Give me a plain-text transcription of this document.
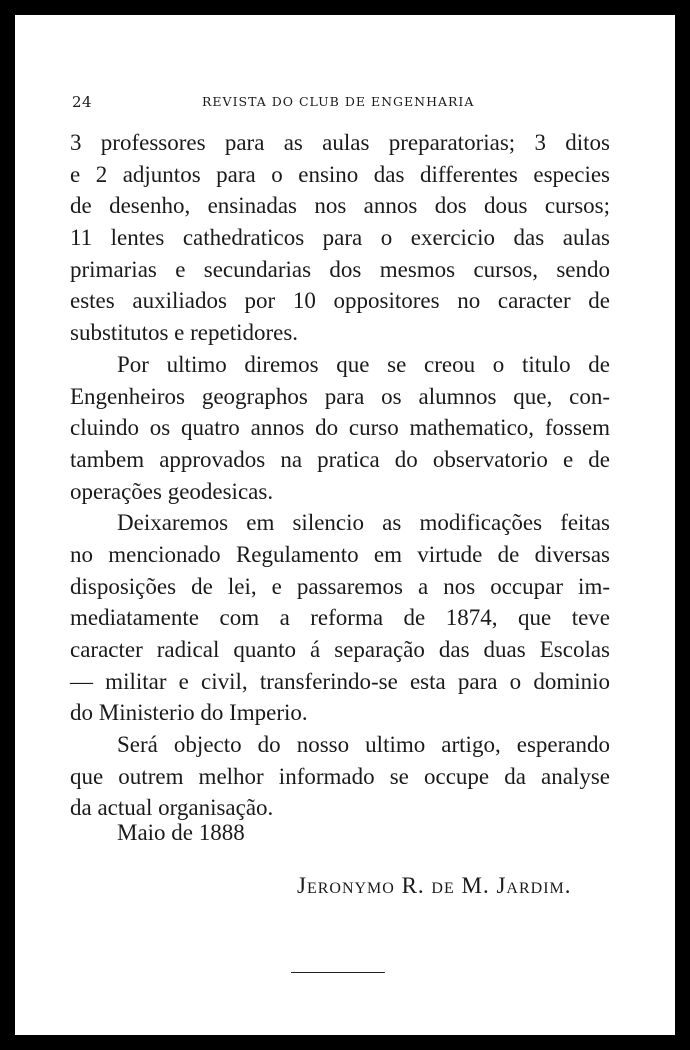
24	REVISTA DO CLUB DE ENGENHARIA
3 professores para as aulas preparatorias; 3 ditos
e 2 adjuntos para o ensino das differentes especies
de desenho, ensinadas nos annos dos dous cursos;
11 lentes cathedraticos para o exercicio das aulas
primarias e secundarias dos mesmos cursos, sendo
estes auxiliados por 10 oppositores no caracter de
substitutos e repetidores.
Por ultimo diremos que se creou o titulo de
Engenheiros geographos para os alumnos que, con-
cluindo os quatro annos do curso mathematico, fossem
tambem approvados na pratica do observatorio e de
operações geodesicas.
Deixaremos em silencio as modificações feitas
no mencionado Regulamento em virtude de diversas
disposições de lei, e passaremos a nos occupar im-
mediatamente com a reforma de 1874, que teve
caracter radical quanto á separação das duas Escolas
— militar e civil, transferindo-se esta para o dominio
do Ministerio do Imperio.
Será objecto do nosso ultimo artigo, esperando
que outrem melhor informado se occupe da analyse
da actual organisação.
Maio de 1888
Jeronymo R. de M. Jardim.
